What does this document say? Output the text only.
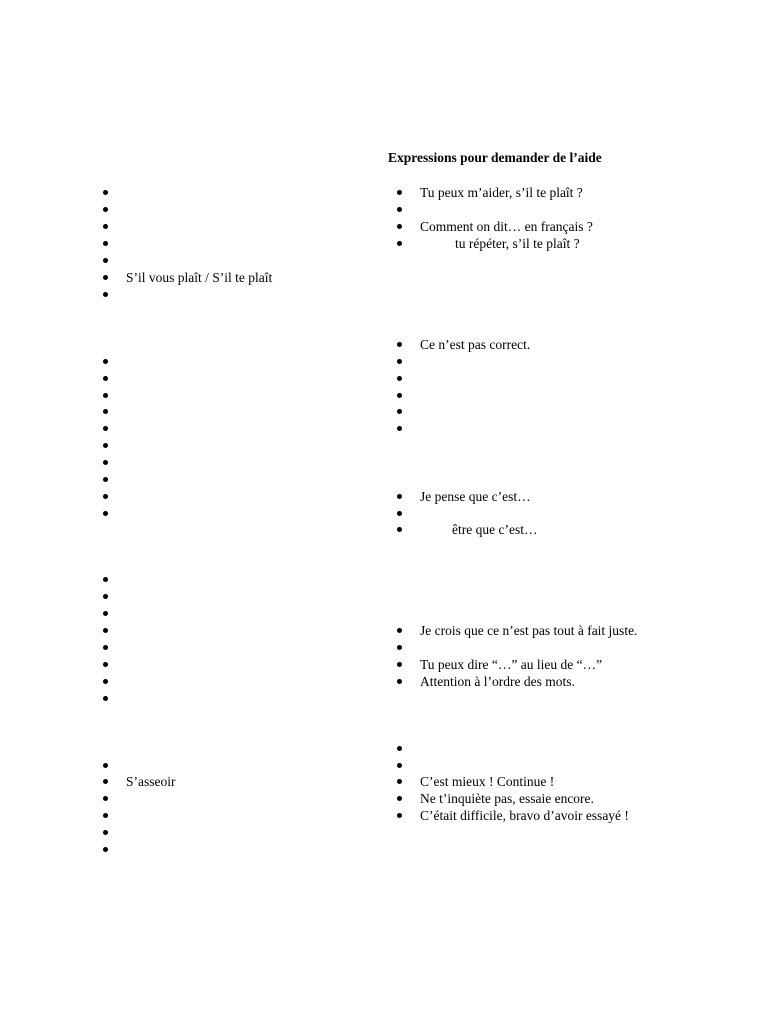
Expressions pour demander de l’aide
S’il vous plaît / S’il te plaît
S’asseoir
Tu peux m’aider, s’il te plaît ?
Comment on dit… en français ?
tu répéter, s’il te plaît ?
Ce n’est pas correct.
Je pense que c’est…
être que c’est…
Je crois que ce n’est pas tout à fait juste.
Tu peux dire “…” au lieu de “…”
Attention à l’ordre des mots.
C’est mieux ! Continue !
Ne t’inquiète pas, essaie encore.
C’était difficile, bravo d’avoir essayé !
